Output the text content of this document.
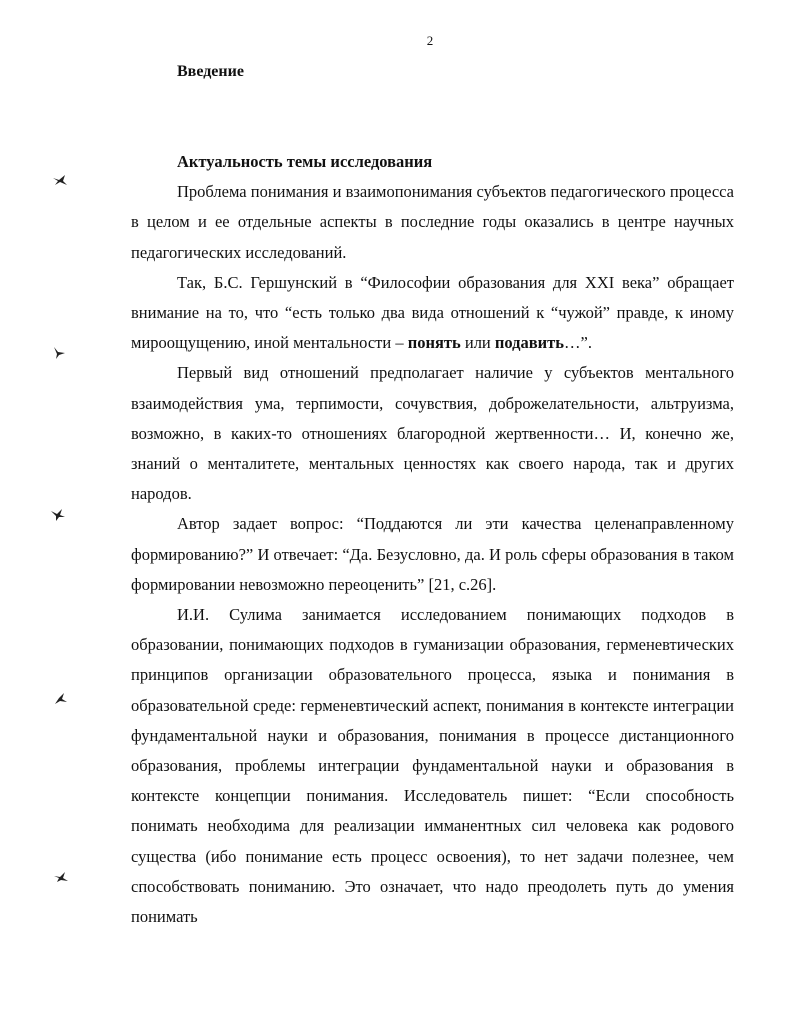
2
Введение

Актуальность темы исследования

Проблема понимания и взаимопонимания субъектов педагогического процесса в целом и ее отдельные аспекты в последние годы оказались в центре научных педагогических исследований.

Так, Б.С. Гершунский в “Философии образования для XXI века” обращает внимание на то, что “есть только два вида отношений к “чужой” правде, к иному мироощущению, иной ментальности – понять или подавить…”.

Первый вид отношений предполагает наличие у субъектов ментального взаимодействия ума, терпимости, сочувствия, доброжелательности, альтруизма, возможно, в каких-то отношениях благородной жертвенности… И, конечно же, знаний о менталитете, ментальных ценностях как своего народа, так и других народов.

Автор задает вопрос: “Поддаются ли эти качества целенаправленному формированию?” И отвечает: “Да. Безусловно, да. И роль сферы образования в таком формировании невозможно переоценить” [21, с.26].

И.И. Сулима занимается исследованием понимающих подходов в образовании, понимающих подходов в гуманизации образования, герменевтических принципов организации образовательного процесса, языка и понимания в образовательной среде: герменевтический аспект, понимания в контексте интеграции фундаментальной науки и образования, понимания в процессе дистанционного образования, проблемы интеграции фундаментальной науки и образования в контексте концепции понимания. Исследователь пишет: “Если способность понимать необходима для реализации имманентных сил человека как родового существа (ибо понимание есть процесс освоения), то нет задачи полезнее, чем способствовать пониманию. Это означает, что надо преодолеть путь до умения понимать
